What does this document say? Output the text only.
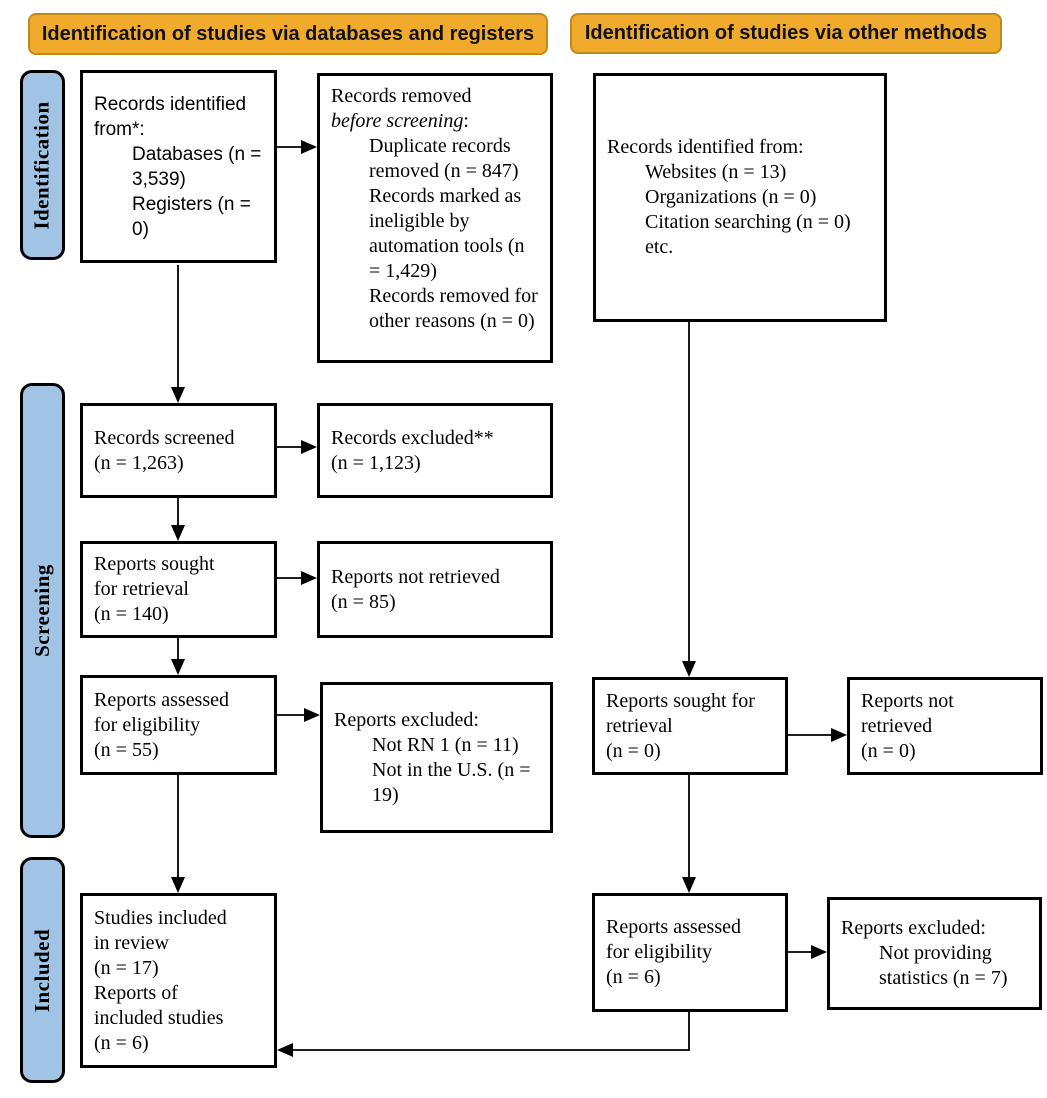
Identification of studies via databases and registers	Identification of studies via other methods
Identification
Screening
Included
Records identified from*:
Databases (n = 3,539)
Registers (n = 0)
Records removed
before screening:
Duplicate records removed (n = 847)
Records marked as ineligible by automation tools (n = 1,429)
Records removed for other reasons (n = 0)
Records screened
(n = 1,263)
Records excluded**
(n = 1,123)
Reports sought
for retrieval
(n = 140)
Reports not retrieved
(n = 85)
Reports assessed
for eligibility
(n = 55)
Reports excluded:
Not RN 1 (n = 11)
Not in the U.S. (n = 19)
Studies included
in review
(n = 17)
Reports of
included studies
(n = 6)
Records identified from:
Websites (n = 13)
Organizations (n = 0)
Citation searching (n = 0)
etc.
Reports sought for
retrieval
(n = 0)
Reports not
retrieved
(n = 0)
Reports assessed
for eligibility
(n = 6)
Reports excluded:
Not providing statistics (n = 7)
